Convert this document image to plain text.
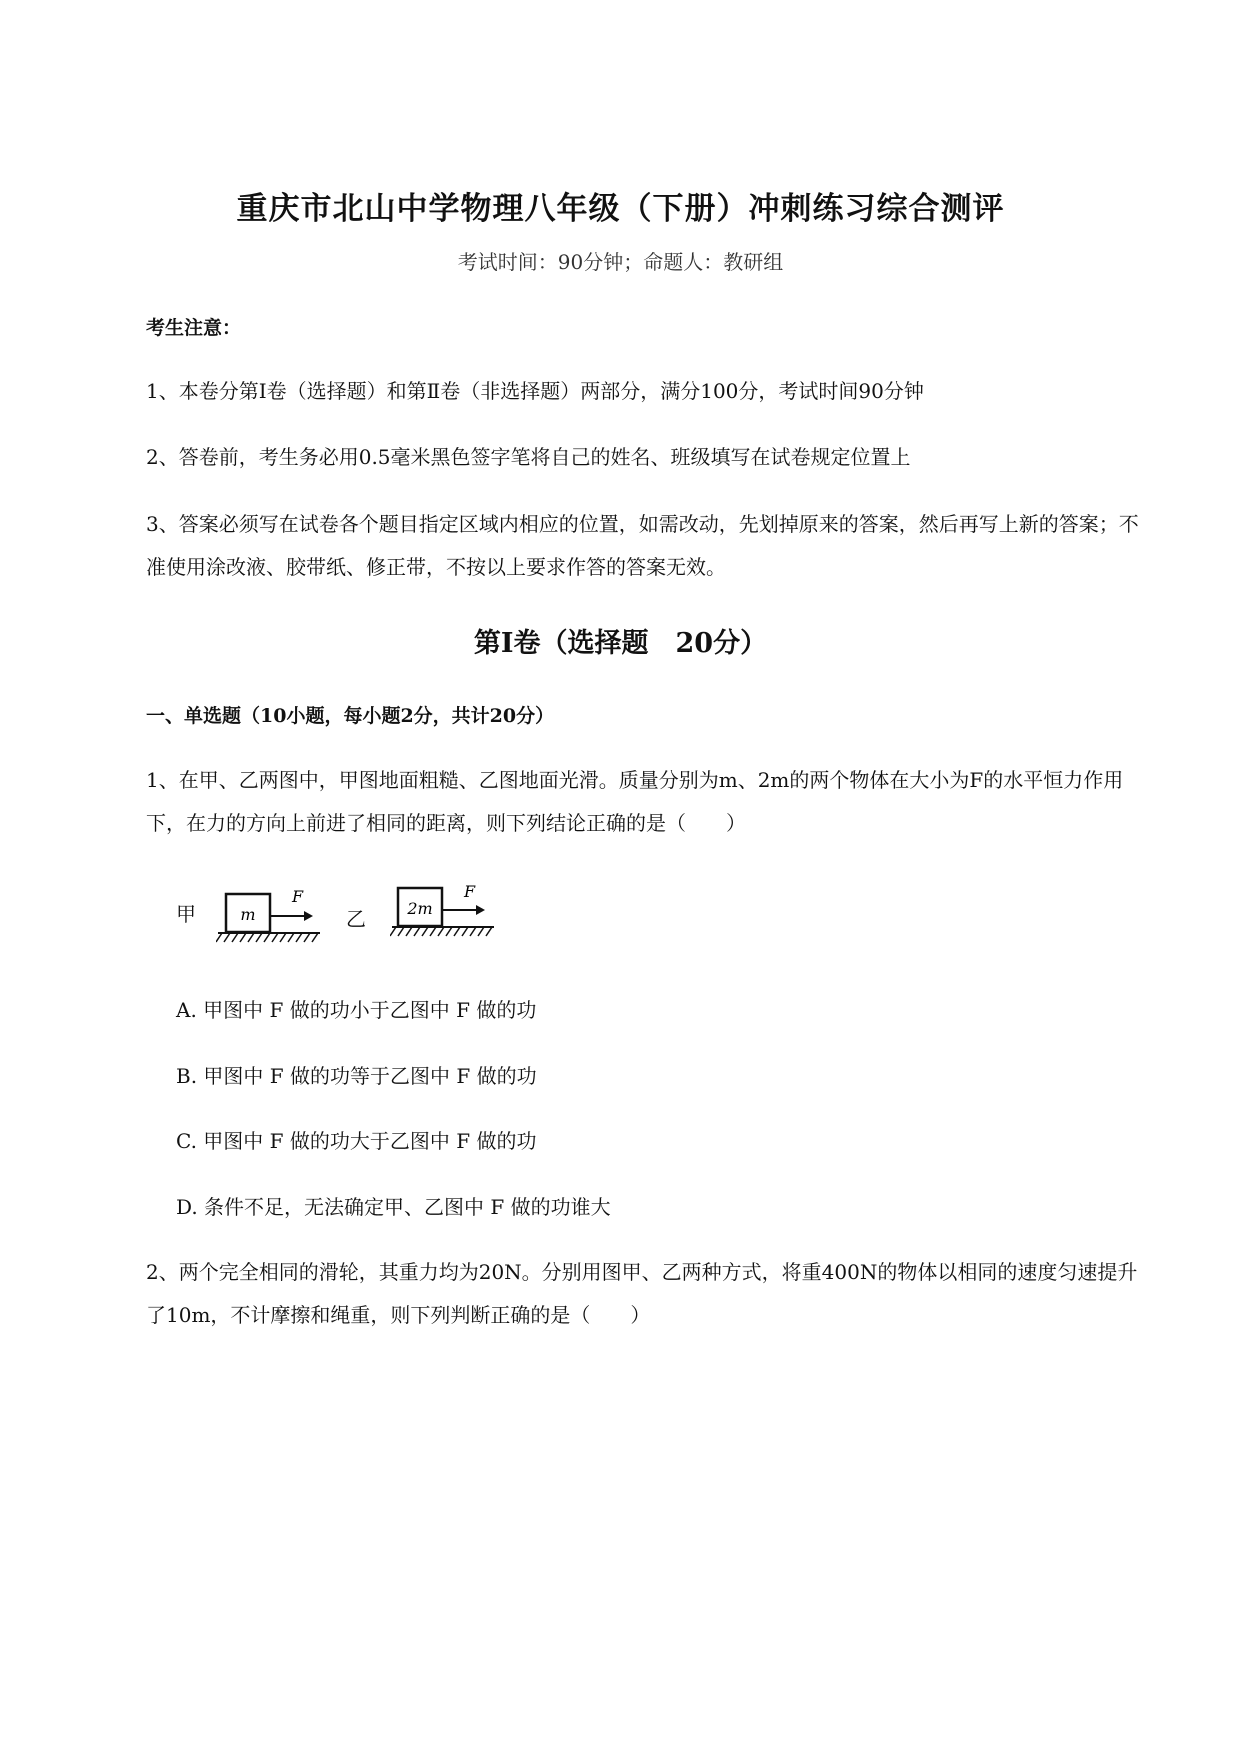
重庆市北山中学物理八年级（下册）冲刺练习综合测评
考试时间：90分钟；命题人：教研组
考生注意：
1、本卷分第I卷（选择题）和第Ⅱ卷（非选择题）两部分，满分100分，考试时间90分钟
2、答卷前，考生务必用0.5毫米黑色签字笔将自己的姓名、班级填写在试卷规定位置上
3、答案必须写在试卷各个题目指定区域内相应的位置，如需改动，先划掉原来的答案，然后再写上新的答案；不准使用涂改液、胶带纸、修正带，不按以上要求作答的答案无效。
第I卷（选择题　20分）
一、单选题（10小题，每小题2分，共计20分）
1、在甲、乙两图中，甲图地面粗糙、乙图地面光滑。质量分别为m、2m的两个物体在大小为F的水平恒力作用下，在力的方向上前进了相同的距离，则下列结论正确的是（　　）
甲	m
F
乙	2m
F
A. 甲图中 F 做的功小于乙图中 F 做的功
B. 甲图中 F 做的功等于乙图中 F 做的功
C. 甲图中 F 做的功大于乙图中 F 做的功
D. 条件不足，无法确定甲、乙图中 F 做的功谁大
2、两个完全相同的滑轮，其重力均为20N。分别用图甲、乙两种方式，将重400N的物体以相同的速度匀速提升了10m，不计摩擦和绳重，则下列判断正确的是（　　）
